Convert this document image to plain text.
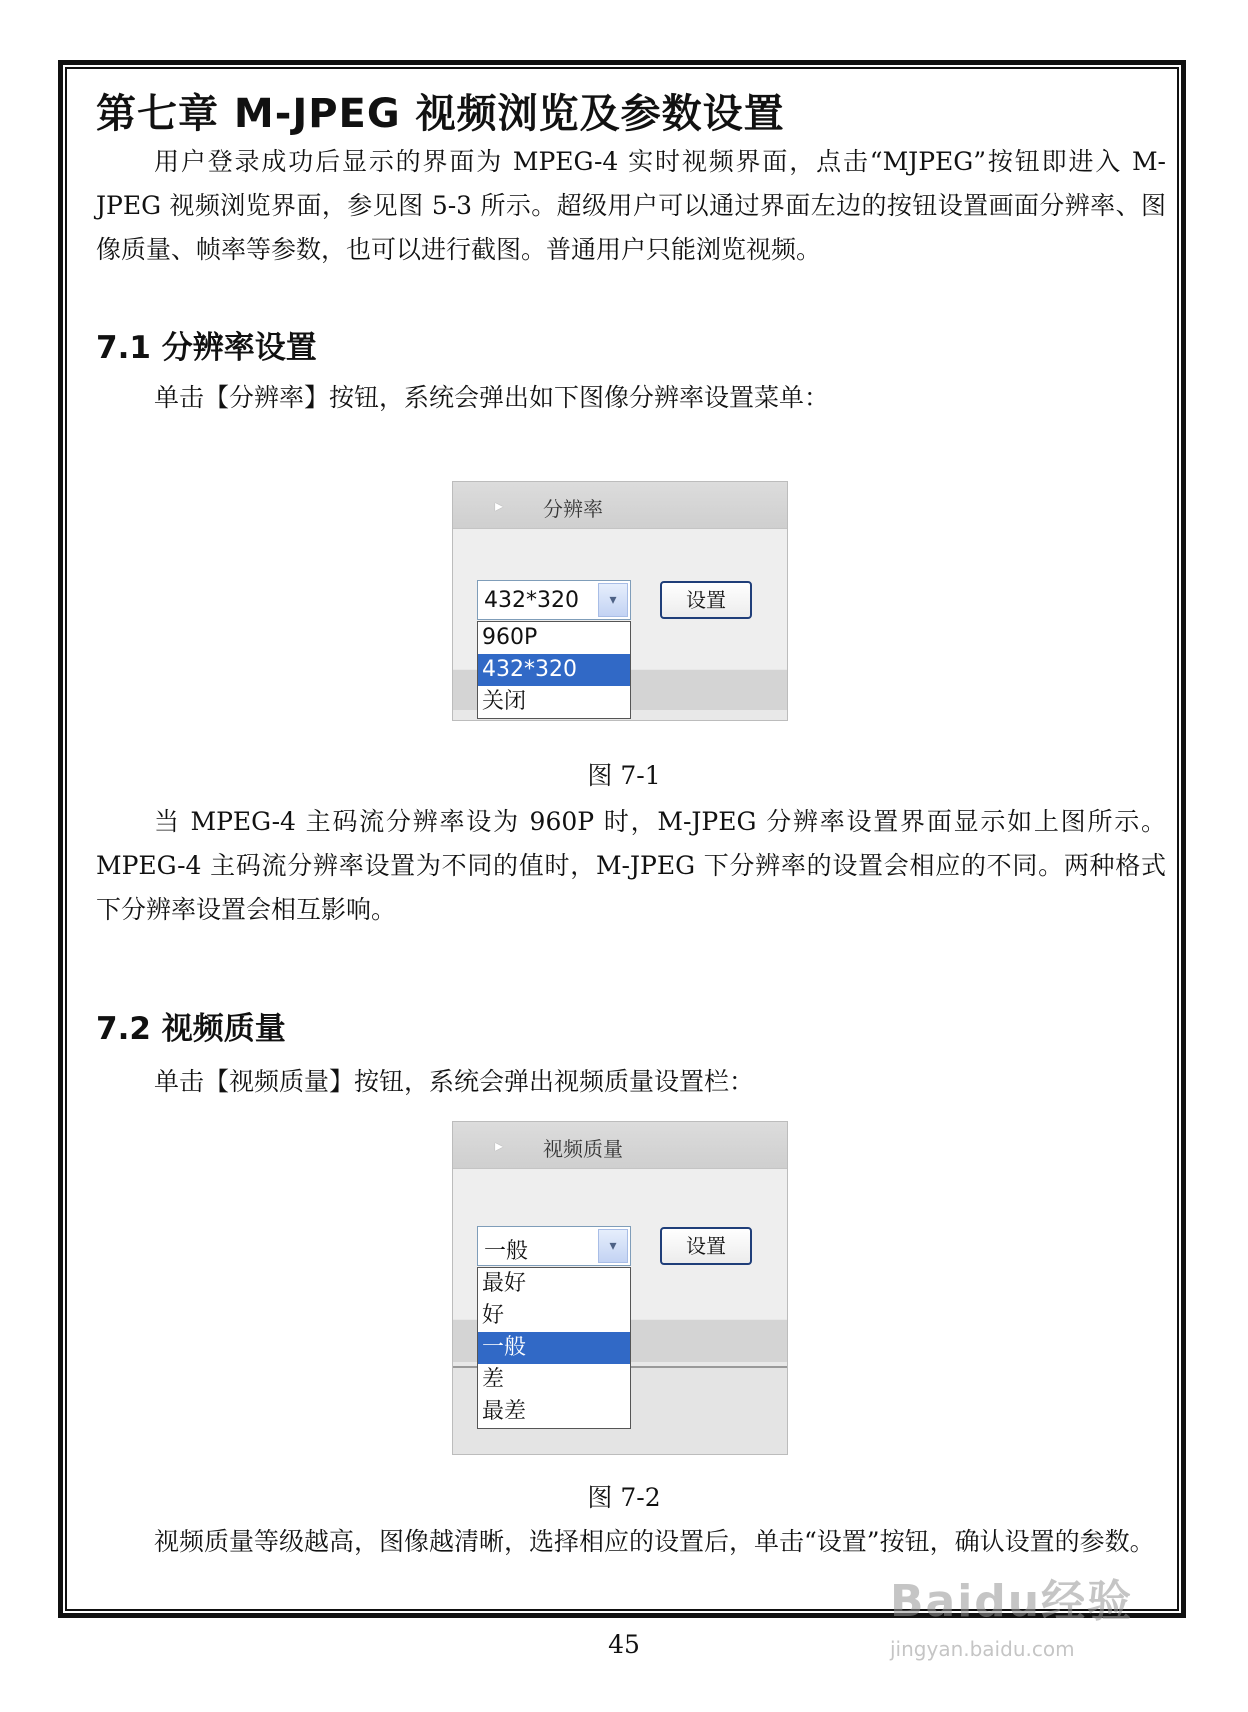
第七章 M-JPEG 视频浏览及参数设置

用户登录成功后显示的界面为 MPEG-4 实时视频界面，点击“MJPEG”按钮即进入 M-JPEG 视频浏览界面，参见图 5-3 所示。超级用户可以通过界面左边的按钮设置画面分辨率、图像质量、帧率等参数，也可以进行截图。普通用户只能浏览视频。

7.1 分辨率设置

单击【分辨率】按钮，系统会弹出如下图像分辨率设置菜单：

▸ 分辨率
432*320	▾
960P
432*320
关闭
设置
图 7-1

当 MPEG-4 主码流分辨率设为 960P 时，M-JPEG 分辨率设置界面显示如上图所示。MPEG-4 主码流分辨率设置为不同的值时，M-JPEG 下分辨率的设置会相应的不同。两种格式下分辨率设置会相互影响。

7.2 视频质量

单击【视频质量】按钮，系统会弹出视频质量设置栏：

▸ 视频质量
一般	▾
最好
好
一般
差
最差
设置
图 7-2

视频质量等级越高，图像越清晰，选择相应的设置后，单击“设置”按钮，确认设置的参数。

45
Baidu经验
jingyan.baidu.com
